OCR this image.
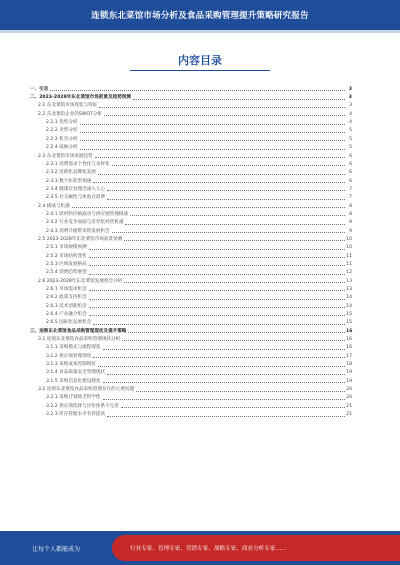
连锁东北菜馆市场分析及食品采购管理提升策略研究报告
内容目录
一、引言	3
二、2023-2028年东北菜馆市场前景及趋势预测	3
2.1 东北菜馆市场现状与特征	3
2.2 东北菜馆企业的SWOT分析	4
2.2.1 优势分析	4
2.2.2 劣势分析	5
2.2.3 机会分析	5
2.2.4 威胁分析	5
2.3 东北菜馆市场发展趋势	6
2.3.1 消费需求个性化与多样化	6
2.3.2 连锁化品牌化发展	6
2.3.3 数字化转型加速	6
2.3.4 健康饮食理念深入人心	7
2.3.5 社交属性与体验式消费	7
2.4 挑战与机遇	8
2.4.1 原材料价格波动与供应链管理挑战	8
2.4.2 行业竞争加剧与差异化经营机遇	9
2.4.3 消费升级带来的发展机会	9
2.5 2023-2028年东北菜馆市场前景预测	10
2.5.1 市场规模预测	10
2.5.2 市场结构变化	11
2.5.3 区域发展格局	11
2.5.4 消费趋势展望	12
2.6 2023-2028年东北菜馆发展机会分析	13
2.6.1 市场需求机会	13
2.6.2 政策支持机会	14
2.6.3 技术创新机会	14
2.6.4 产业融合机会	15
2.6.5 国际化发展机会	15
三、连锁东北菜馆食品采购管理现状及提升策略	16
3.1 连锁东北菜馆食品采购管理现状分析	16
3.1.1 采购模式与流程现状	16
3.1.2 供应商管理现状	17
3.1.3 采购成本控制现状	18
3.1.4 食品质量安全管理现状	19
3.1.5 采购信息化建设现状	19
3.2 连锁东北菜馆食品采购管理存在的主要问题	20
3.2.1 采购计划缺乏科学性	20
3.2.2 供应商选择与评价体系不完善	21
3.2.3 库存管理水平有待提高	21
让每个人都能成为	行业专家、管理专家、营销专家、战略专家、商业分析专家……
